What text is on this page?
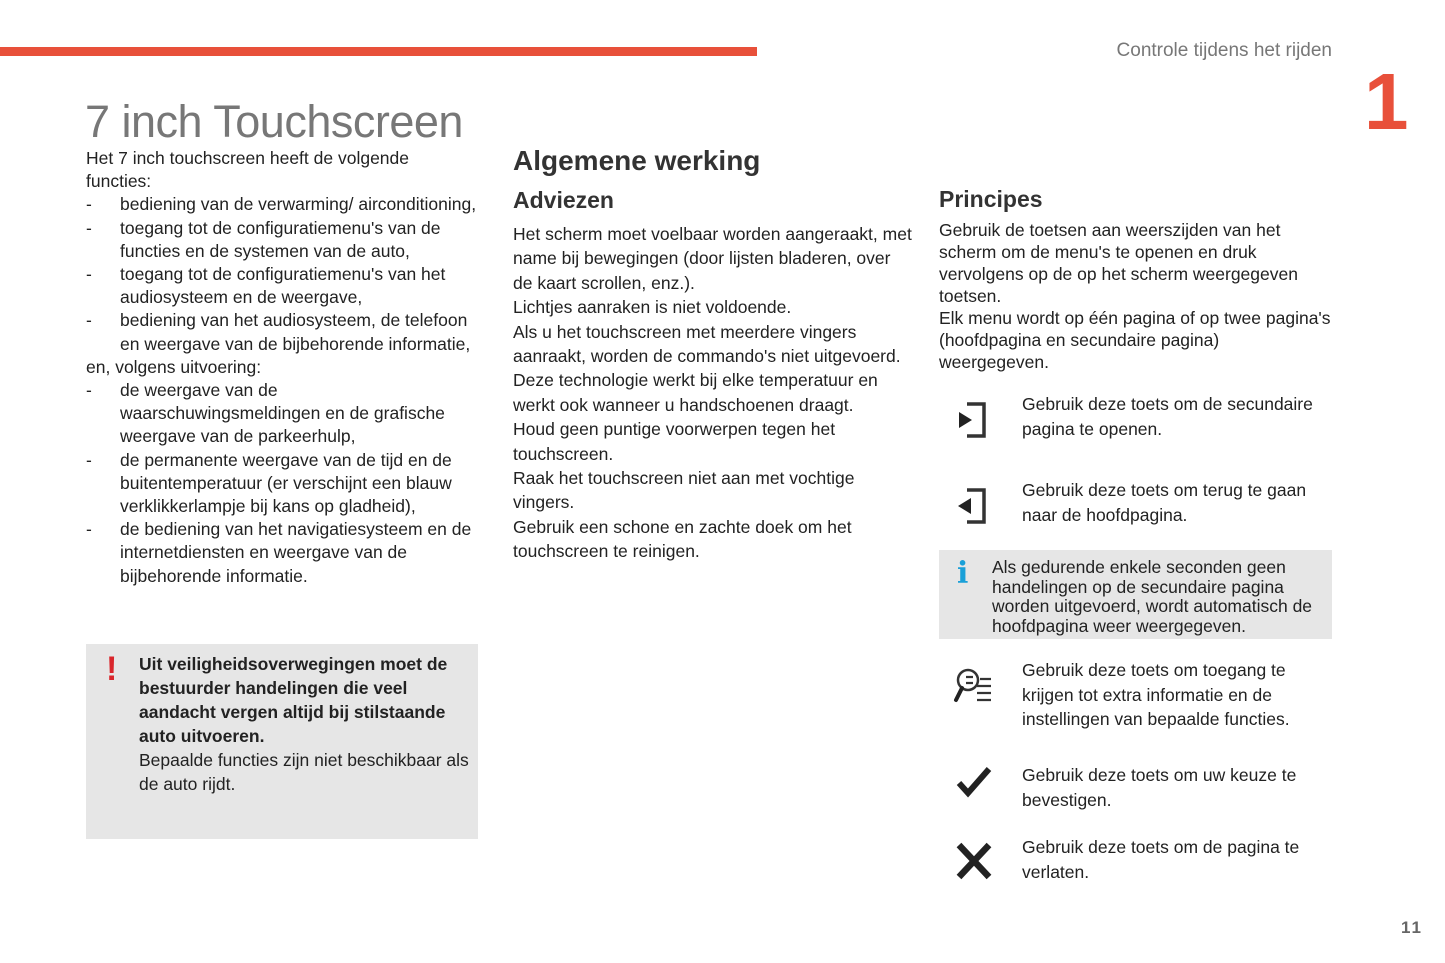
Controle tijdens het rijden
1
11
7 inch Touchscreen
Het 7 inch touchscreen heeft de volgende functies:
-	bediening van de verwarming/ airconditioning,
-	toegang tot de configuratiemenu's van de functies en de systemen van de auto,
-	toegang tot de configuratiemenu's van het audiosysteem en de weergave,
-	bediening van het audiosysteem, de telefoon en weergave van de bijbehorende informatie,
en, volgens uitvoering:
-	de weergave van de waarschuwingsmeldingen en de grafische weergave van de parkeerhulp,
-	de permanente weergave van de tijd en de buitentemperatuur (er verschijnt een blauw verklikkerlampje bij kans op gladheid),
-	de bediening van het navigatiesysteem en de internetdiensten en weergave van de bijbehorende informatie.
! Uit veiligheidsoverwegingen moet de bestuurder handelingen die veel aandacht vergen altijd bij stilstaande auto uitvoeren.
Bepaalde functies zijn niet beschikbaar als de auto rijdt.
Algemene werking
Adviezen
Het scherm moet voelbaar worden aangeraakt, met name bij bewegingen (door lijsten bladeren, over de kaart scrollen, enz.).
Lichtjes aanraken is niet voldoende.
Als u het touchscreen met meerdere vingers aanraakt, worden de commando's niet uitgevoerd.
Deze technologie werkt bij elke temperatuur en werkt ook wanneer u handschoenen draagt.
Houd geen puntige voorwerpen tegen het touchscreen.
Raak het touchscreen niet aan met vochtige vingers.
Gebruik een schone en zachte doek om het touchscreen te reinigen.
Principes
Gebruik de toetsen aan weerszijden van het scherm om de menu's te openen en druk vervolgens op de op het scherm weergegeven toetsen.
Elk menu wordt op één pagina of op twee pagina's (hoofdpagina en secundaire pagina) weergegeven.
Gebruik deze toets om de secundaire pagina te openen.
Gebruik deze toets om terug te gaan naar de hoofdpagina.
i Als gedurende enkele seconden geen handelingen op de secundaire pagina worden uitgevoerd, wordt automatisch de hoofdpagina weer weergegeven.
Gebruik deze toets om toegang te krijgen tot extra informatie en de instellingen van bepaalde functies.
Gebruik deze toets om uw keuze te bevestigen.
Gebruik deze toets om de pagina te verlaten.
